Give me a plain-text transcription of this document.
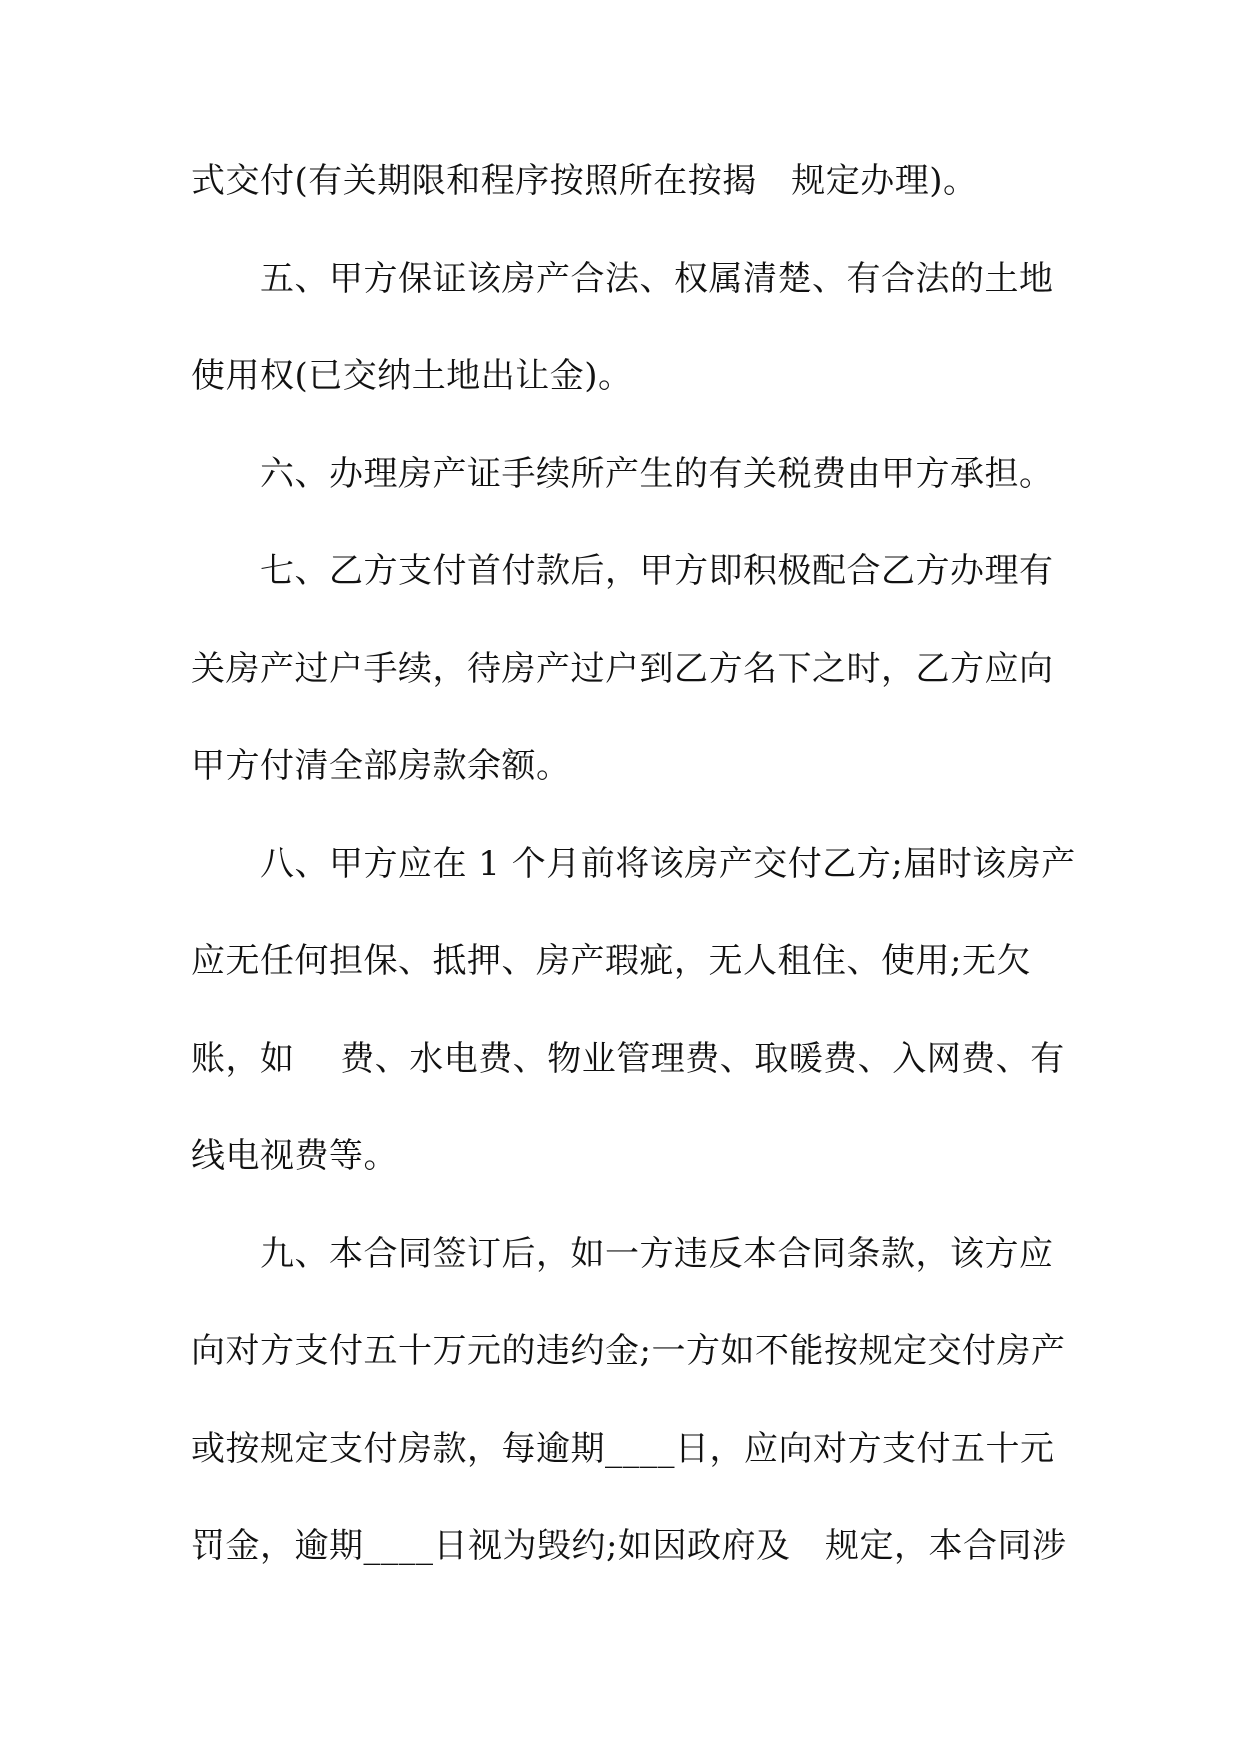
式交付(有关期限和程序按照所在按揭　规定办理)。
　　五、甲方保证该房产合法、权属清楚、有合法的土地
使用权(已交纳土地出让金)。
　　六、办理房产证手续所产生的有关税费由甲方承担。
　　七、乙方支付首付款后，甲方即积极配合乙方办理有
关房产过户手续，待房产过户到乙方名下之时，乙方应向
甲方付清全部房款余额。
　　八、甲方应在 1 个月前将该房产交付乙方;届时该房产
应无任何担保、抵押、房产瑕疵，无人租住、使用;无欠
账，如　 费、水电费、物业管理费、取暖费、入网费、有
线电视费等。
　　九、本合同签订后，如一方违反本合同条款，该方应
向对方支付五十万元的违约金;一方如不能按规定交付房产
或按规定支付房款，每逾期____日，应向对方支付五十元
罚金，逾期____日视为毁约;如因政府及　规定，本合同涉
